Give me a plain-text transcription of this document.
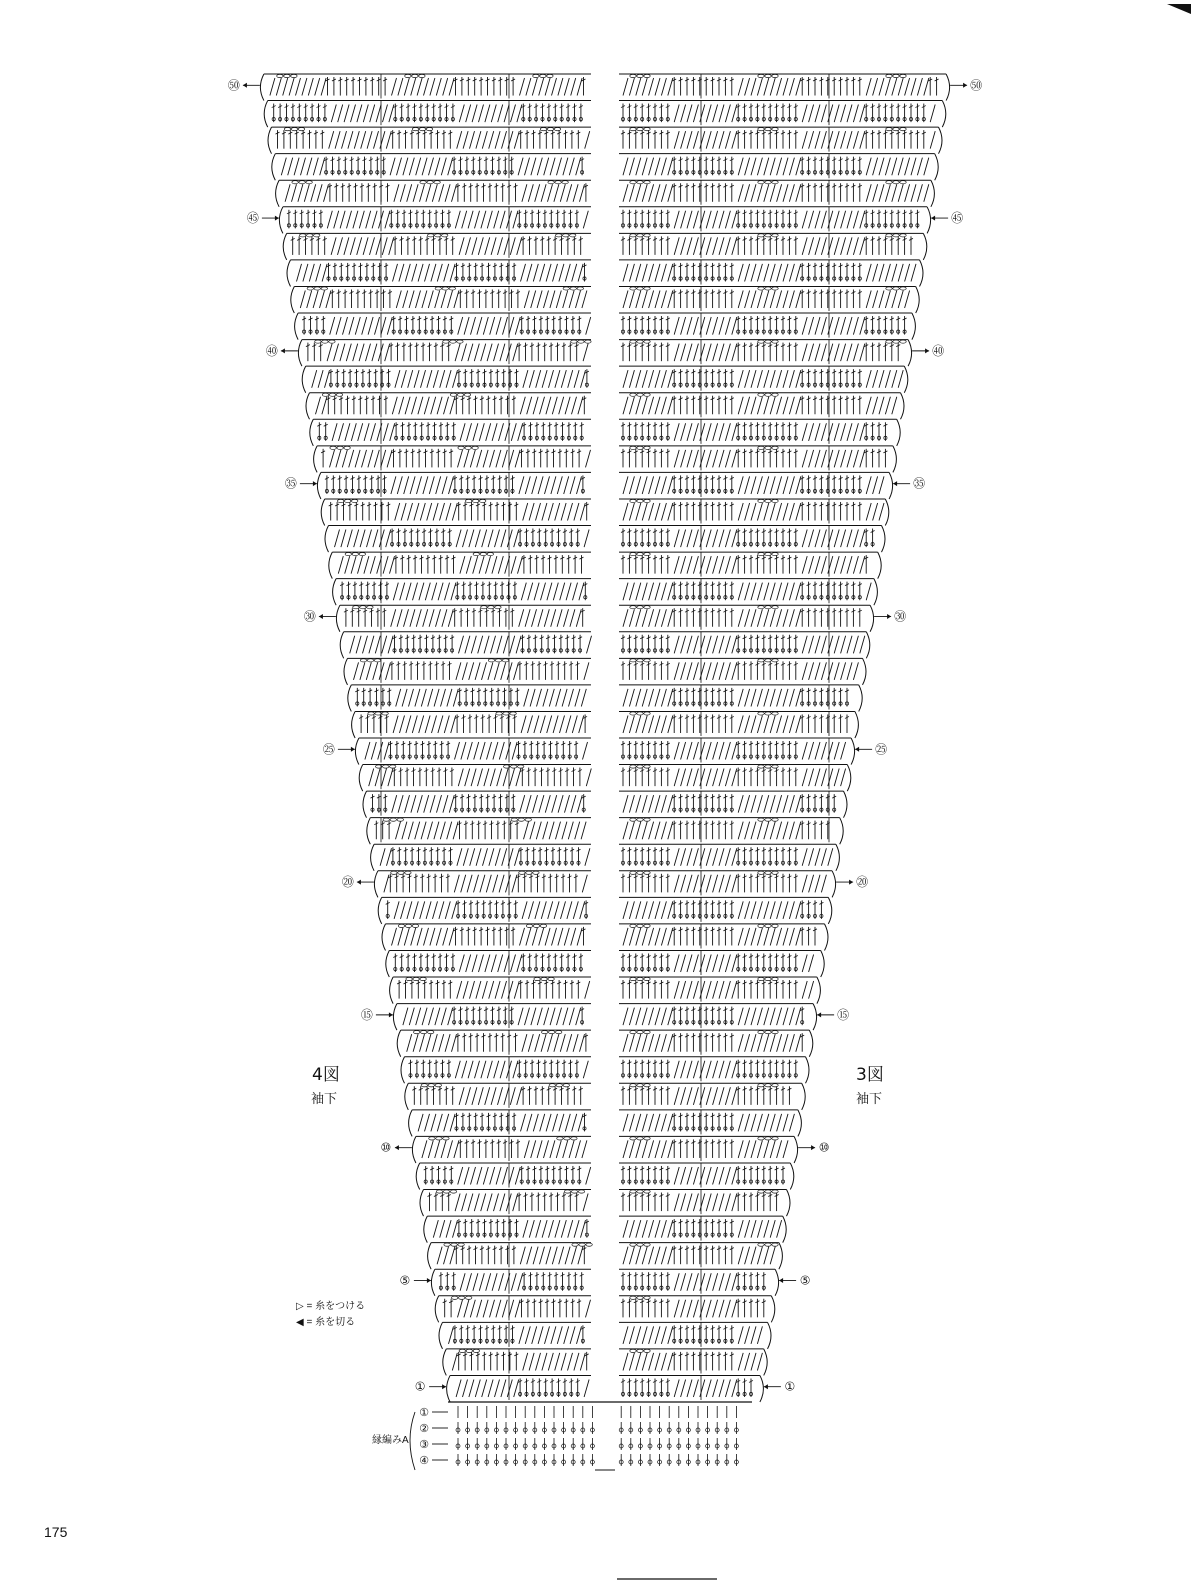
㊿
㊺
㊵
㉟
㉚
㉕
⑳
⑮
⑩
⑤
①
㊿
㊺
㊵
㉟
㉚
㉕
⑳
⑮
⑩
⑤
①
①
②
③
④
4図
袖下
3図
袖下
▷ = 糸をつける
◀ = 糸を切る
縁編みA
175
